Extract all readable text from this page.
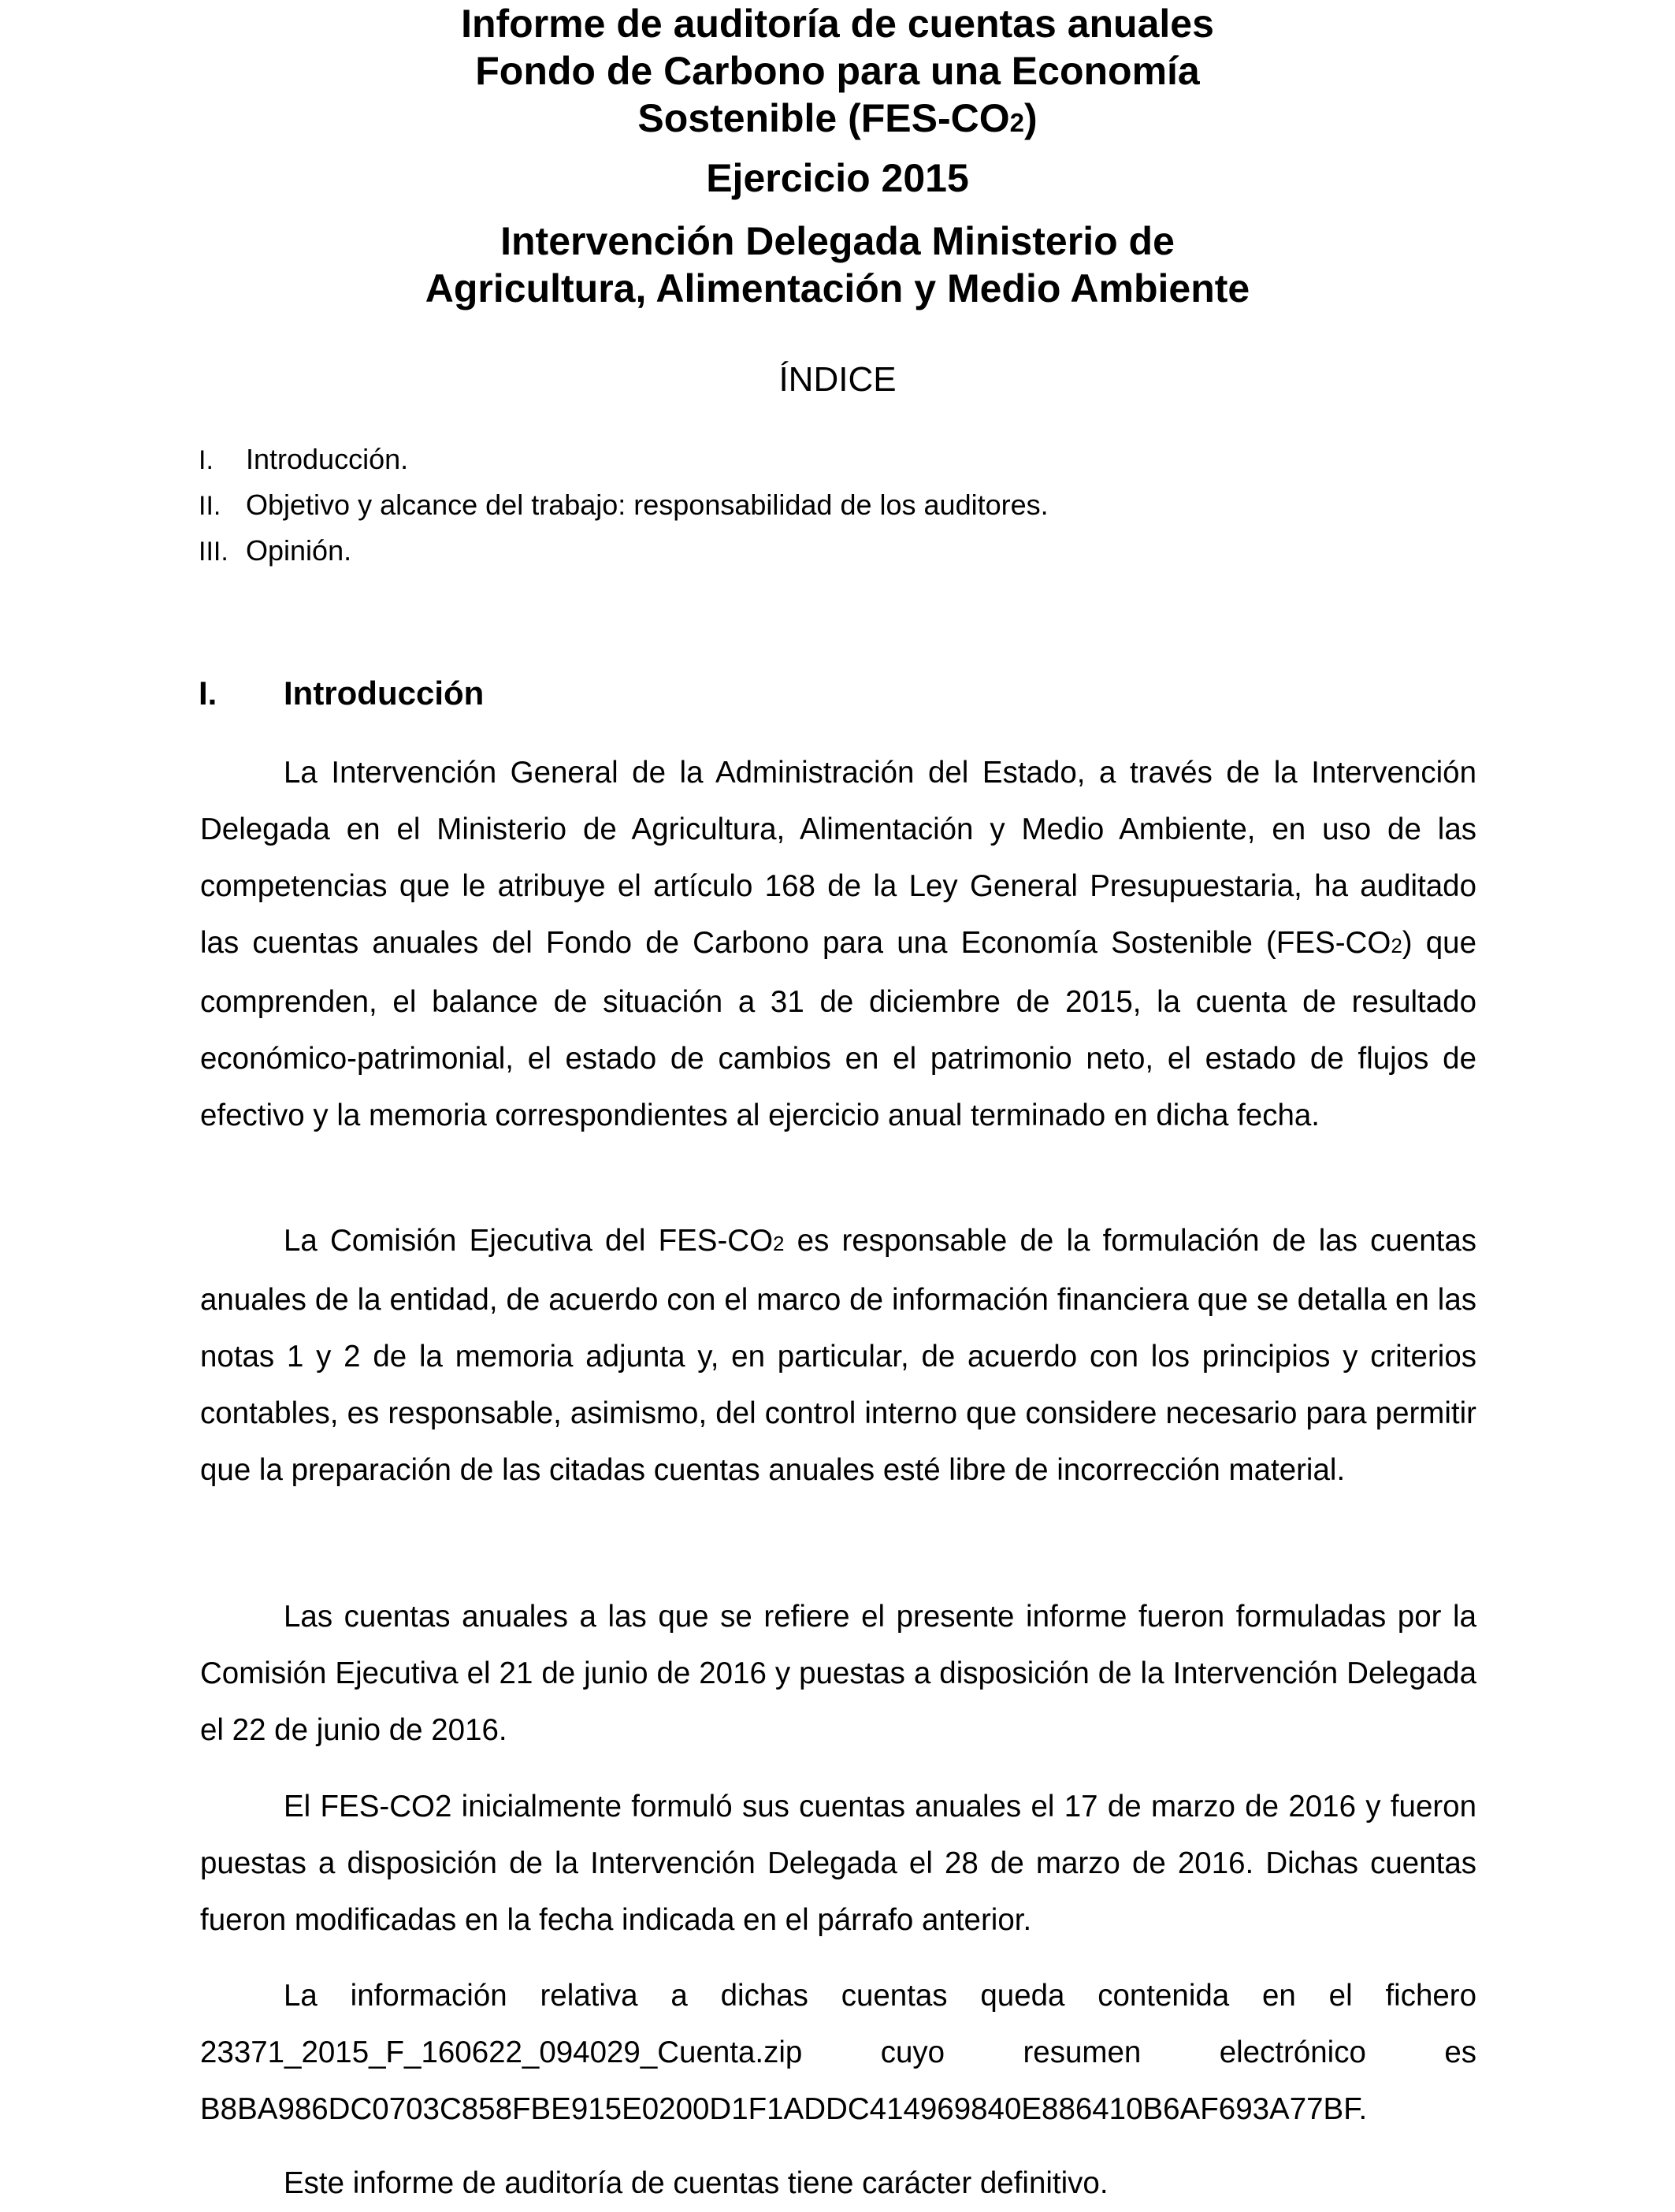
Informe de auditoría de cuentas anuales
Fondo de Carbono para una Economía
Sostenible (FES-CO2)
Ejercicio 2015
Intervención Delegada Ministerio de
Agricultura, Alimentación y Medio Ambiente
ÍNDICE
I. Introducción.
II. Objetivo y alcance del trabajo: responsabilidad de los auditores.
III. Opinión.
I. Introducción
La Intervención General de la Administración del Estado, a través de la Intervención Delegada en el Ministerio de Agricultura, Alimentación y Medio Ambiente, en uso de las competencias que le atribuye el artículo 168 de la Ley General Presupuestaria, ha auditado las cuentas anuales del Fondo de Carbono para una Economía Sostenible (FES-CO2) que comprenden, el balance de situación a 31 de diciembre de 2015, la cuenta de resultado económico-patrimonial, el estado de cambios en el patrimonio neto, el estado de flujos de efectivo y la memoria correspondientes al ejercicio anual terminado en dicha fecha.
La Comisión Ejecutiva del FES-CO2 es responsable de la formulación de las cuentas anuales de la entidad, de acuerdo con el marco de información financiera que se detalla en las notas 1 y 2 de la memoria adjunta y, en particular, de acuerdo con los principios y criterios contables, es responsable, asimismo, del control interno que considere necesario para permitir que la preparación de las citadas cuentas anuales esté libre de incorrección material.
Las cuentas anuales a las que se refiere el presente informe fueron formuladas por la Comisión Ejecutiva el 21 de junio de 2016 y puestas a disposición de la Intervención Delegada el 22 de junio de 2016.
El FES-CO2 inicialmente formuló sus cuentas anuales el 17 de marzo de 2016 y fueron puestas a disposición de la Intervención Delegada el 28 de marzo de 2016. Dichas cuentas fueron modificadas en la fecha indicada en el párrafo anterior.
La información relativa a dichas cuentas queda contenida en el fichero 23371_2015_F_160622_094029_Cuenta.zip cuyo resumen electrónico es
B8BA986DC0703C858FBE915E0200D1F1ADDC414969840E886410B6AF693A77BF.
Este informe de auditoría de cuentas tiene carácter definitivo.
